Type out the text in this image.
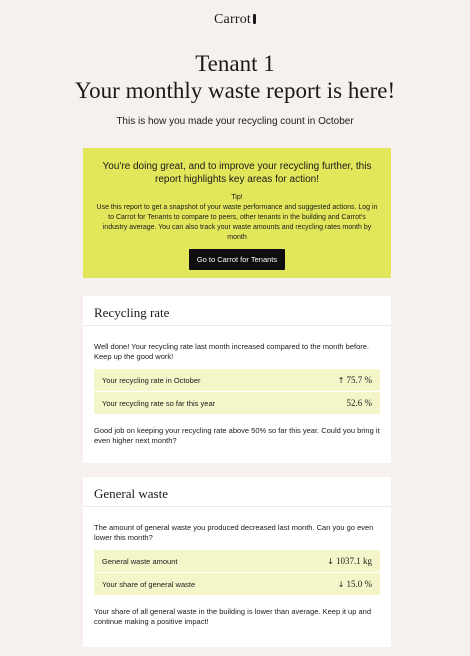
Carrot
Tenant 1
Your monthly waste report is here!
This is how you made your recycling count in October
You're doing great, and to improve your recycling further, this report highlights key areas for action!
Tip!
Use this report to get a snapshot of your waste performance and suggested actions. Log in to Carrot for Tenants to compare to peers, other tenants in the building and Carrot's industry average. You can also track your waste amounts and recycling rates month by month
Go to Carrot for Tenants
Recycling rate
Well done! Your recycling rate last month increased compared to the month before. Keep up the good work!
Your recycling rate in October	↑ 75.7 %
Your recycling rate so far this year	52.6 %
Good job on keeping your recycling rate above 50% so far this year. Could you bring it even higher next month?
General waste
The amount of general waste you produced decreased last month. Can you go even lower this month?
General waste amount	↓ 1037.1 kg
Your share of general waste	↓ 15.0 %
Your share of all general waste in the building is lower than average. Keep it up and continue making a positive impact!
